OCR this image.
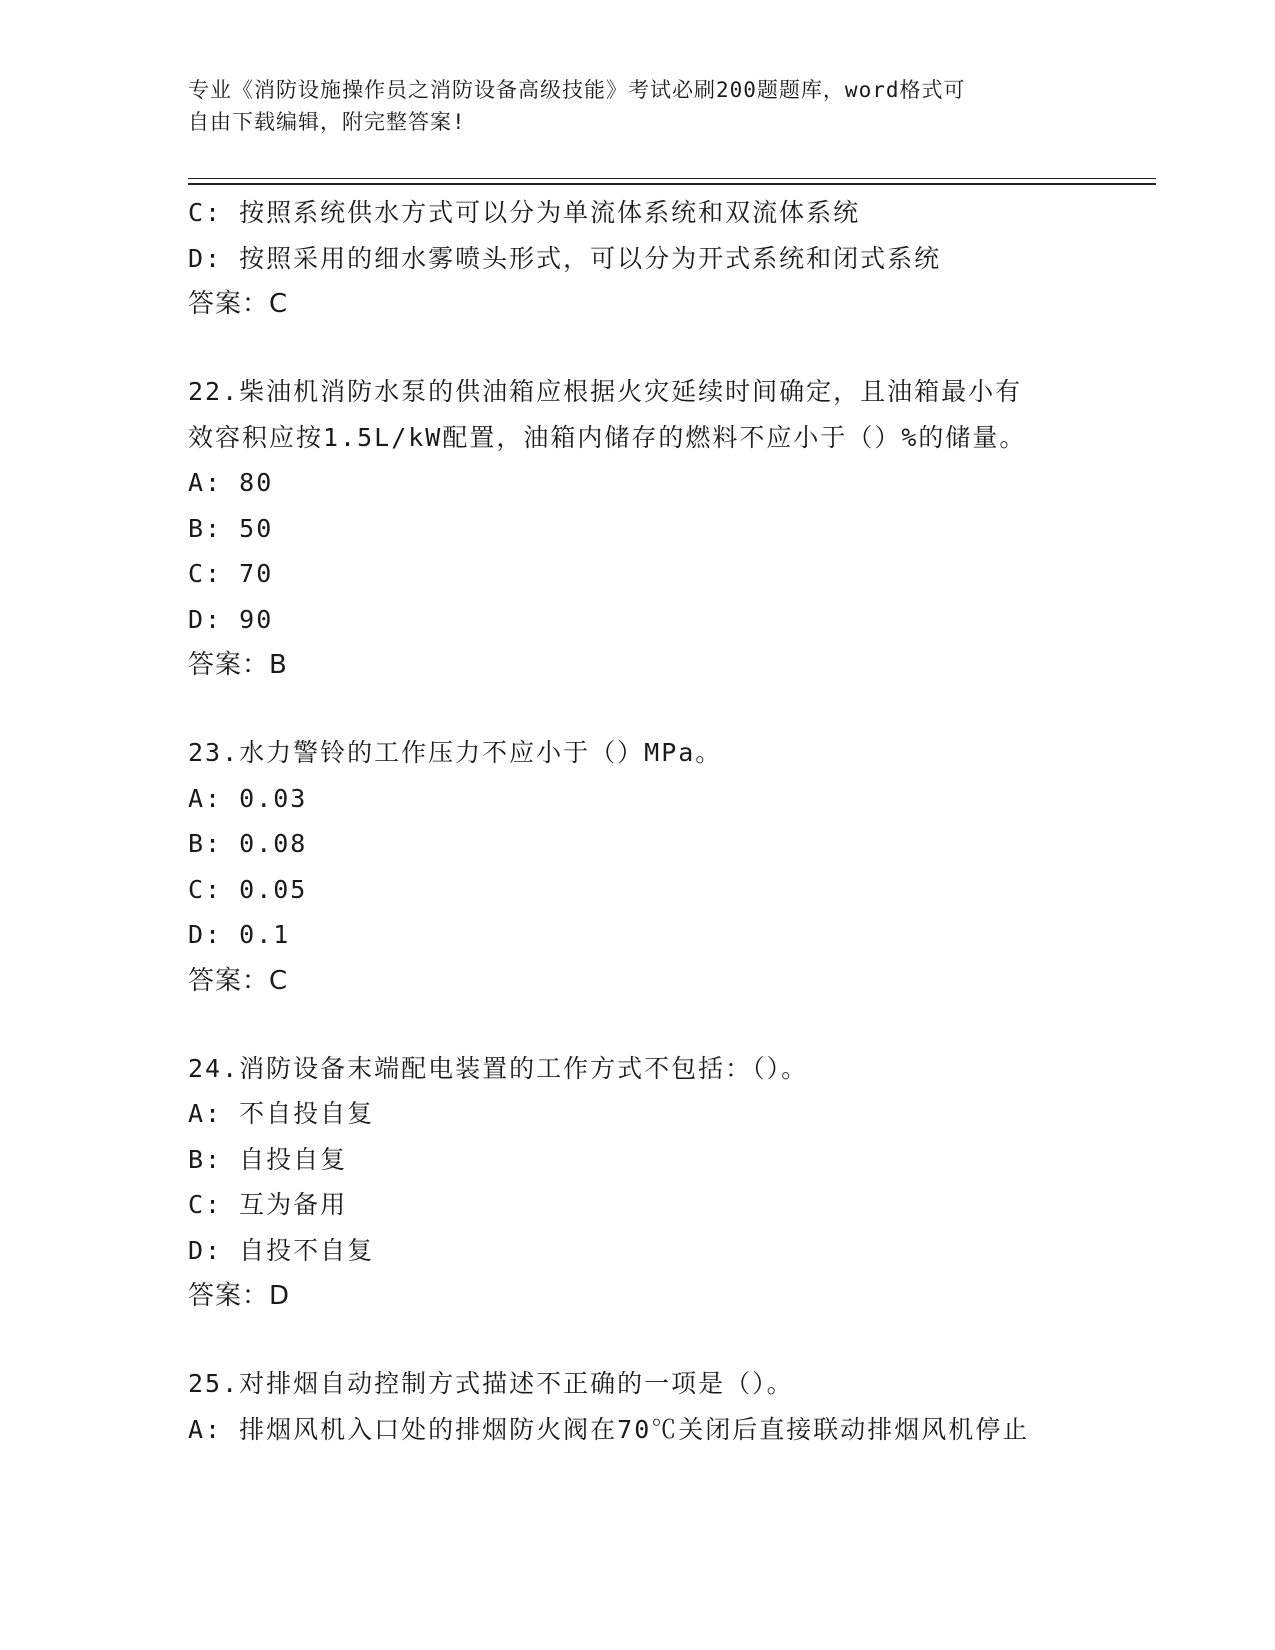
专业《消防设施操作员之消防设备高级技能》考试必刷200题题库，word格式可
自由下载编辑，附完整答案!
C: 按照系统供水方式可以分为单流体系统和双流体系统
D: 按照采用的细水雾喷头形式，可以分为开式系统和闭式系统
答案：C
22.柴油机消防水泵的供油箱应根据火灾延续时间确定，且油箱最小有
效容积应按1.5L/kW配置，油箱内储存的燃料不应小于（）%的储量。
A: 80
B: 50
C: 70
D: 90
答案：B
23.水力警铃的工作压力不应小于（）MPa。
A: 0.03
B: 0.08
C: 0.05
D: 0.1
答案：C
24.消防设备末端配电装置的工作方式不包括：（）。
A: 不自投自复
B: 自投自复
C: 互为备用
D: 自投不自复
答案：D
25.对排烟自动控制方式描述不正确的一项是（）。
A: 排烟风机入口处的排烟防火阀在70℃关闭后直接联动排烟风机停止
